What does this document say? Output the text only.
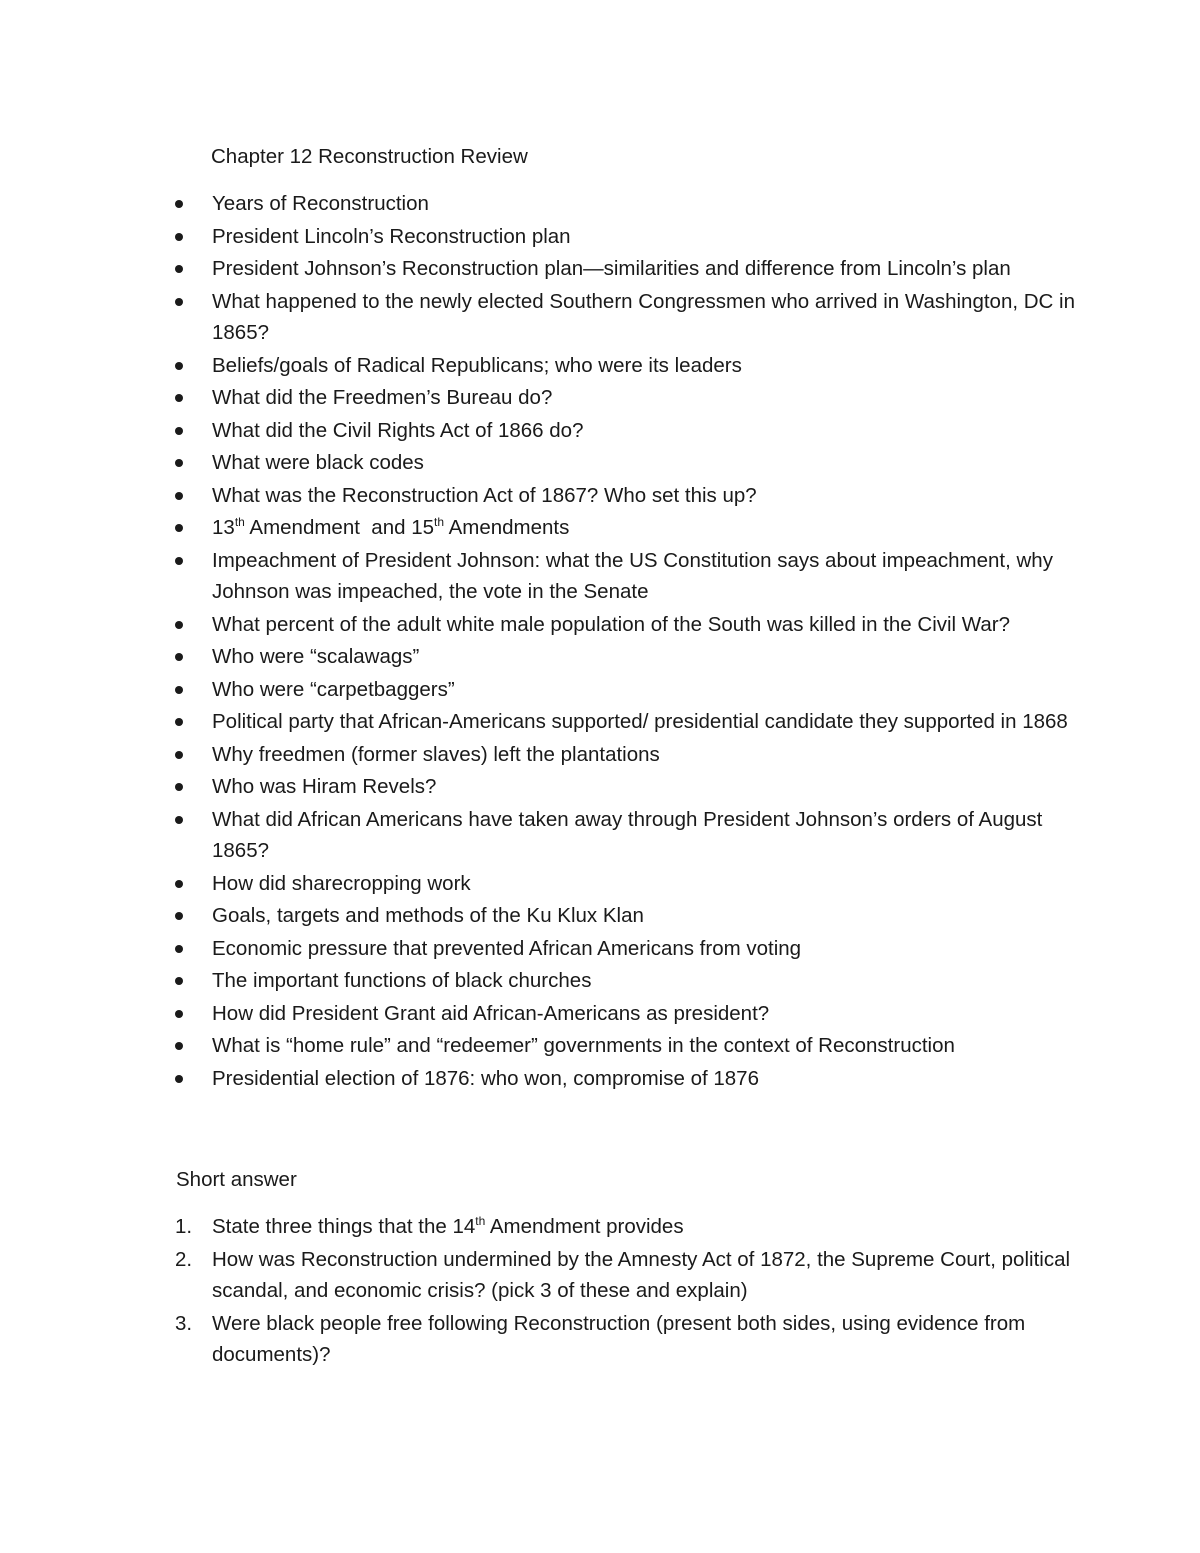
Chapter 12 Reconstruction Review
Years of Reconstruction
President Lincoln’s Reconstruction plan
President Johnson’s Reconstruction plan—similarities and difference from Lincoln’s plan
What happened to the newly elected Southern Congressmen who arrived in Washington, DC in 1865?
Beliefs/goals of Radical Republicans; who were its leaders
What did the Freedmen’s Bureau do?
What did the Civil Rights Act of 1866 do?
What were black codes
What was the Reconstruction Act of 1867? Who set this up?
13th Amendment  and 15th Amendments
Impeachment of President Johnson: what the US Constitution says about impeachment, why Johnson was impeached, the vote in the Senate
What percent of the adult white male population of the South was killed in the Civil War?
Who were “scalawags”
Who were “carpetbaggers”
Political party that African-Americans supported/ presidential candidate they supported in 1868
Why freedmen (former slaves) left the plantations
Who was Hiram Revels?
What did African Americans have taken away through President Johnson’s orders of August 1865?
How did sharecropping work
Goals, targets and methods of the Ku Klux Klan
Economic pressure that prevented African Americans from voting
The important functions of black churches
How did President Grant aid African-Americans as president?
What is “home rule” and “redeemer” governments in the context of Reconstruction
Presidential election of 1876: who won, compromise of 1876
Short answer
1. State three things that the 14th Amendment provides
2. How was Reconstruction undermined by the Amnesty Act of 1872, the Supreme Court, political scandal, and economic crisis? (pick 3 of these and explain)
3. Were black people free following Reconstruction (present both sides, using evidence from documents)?
